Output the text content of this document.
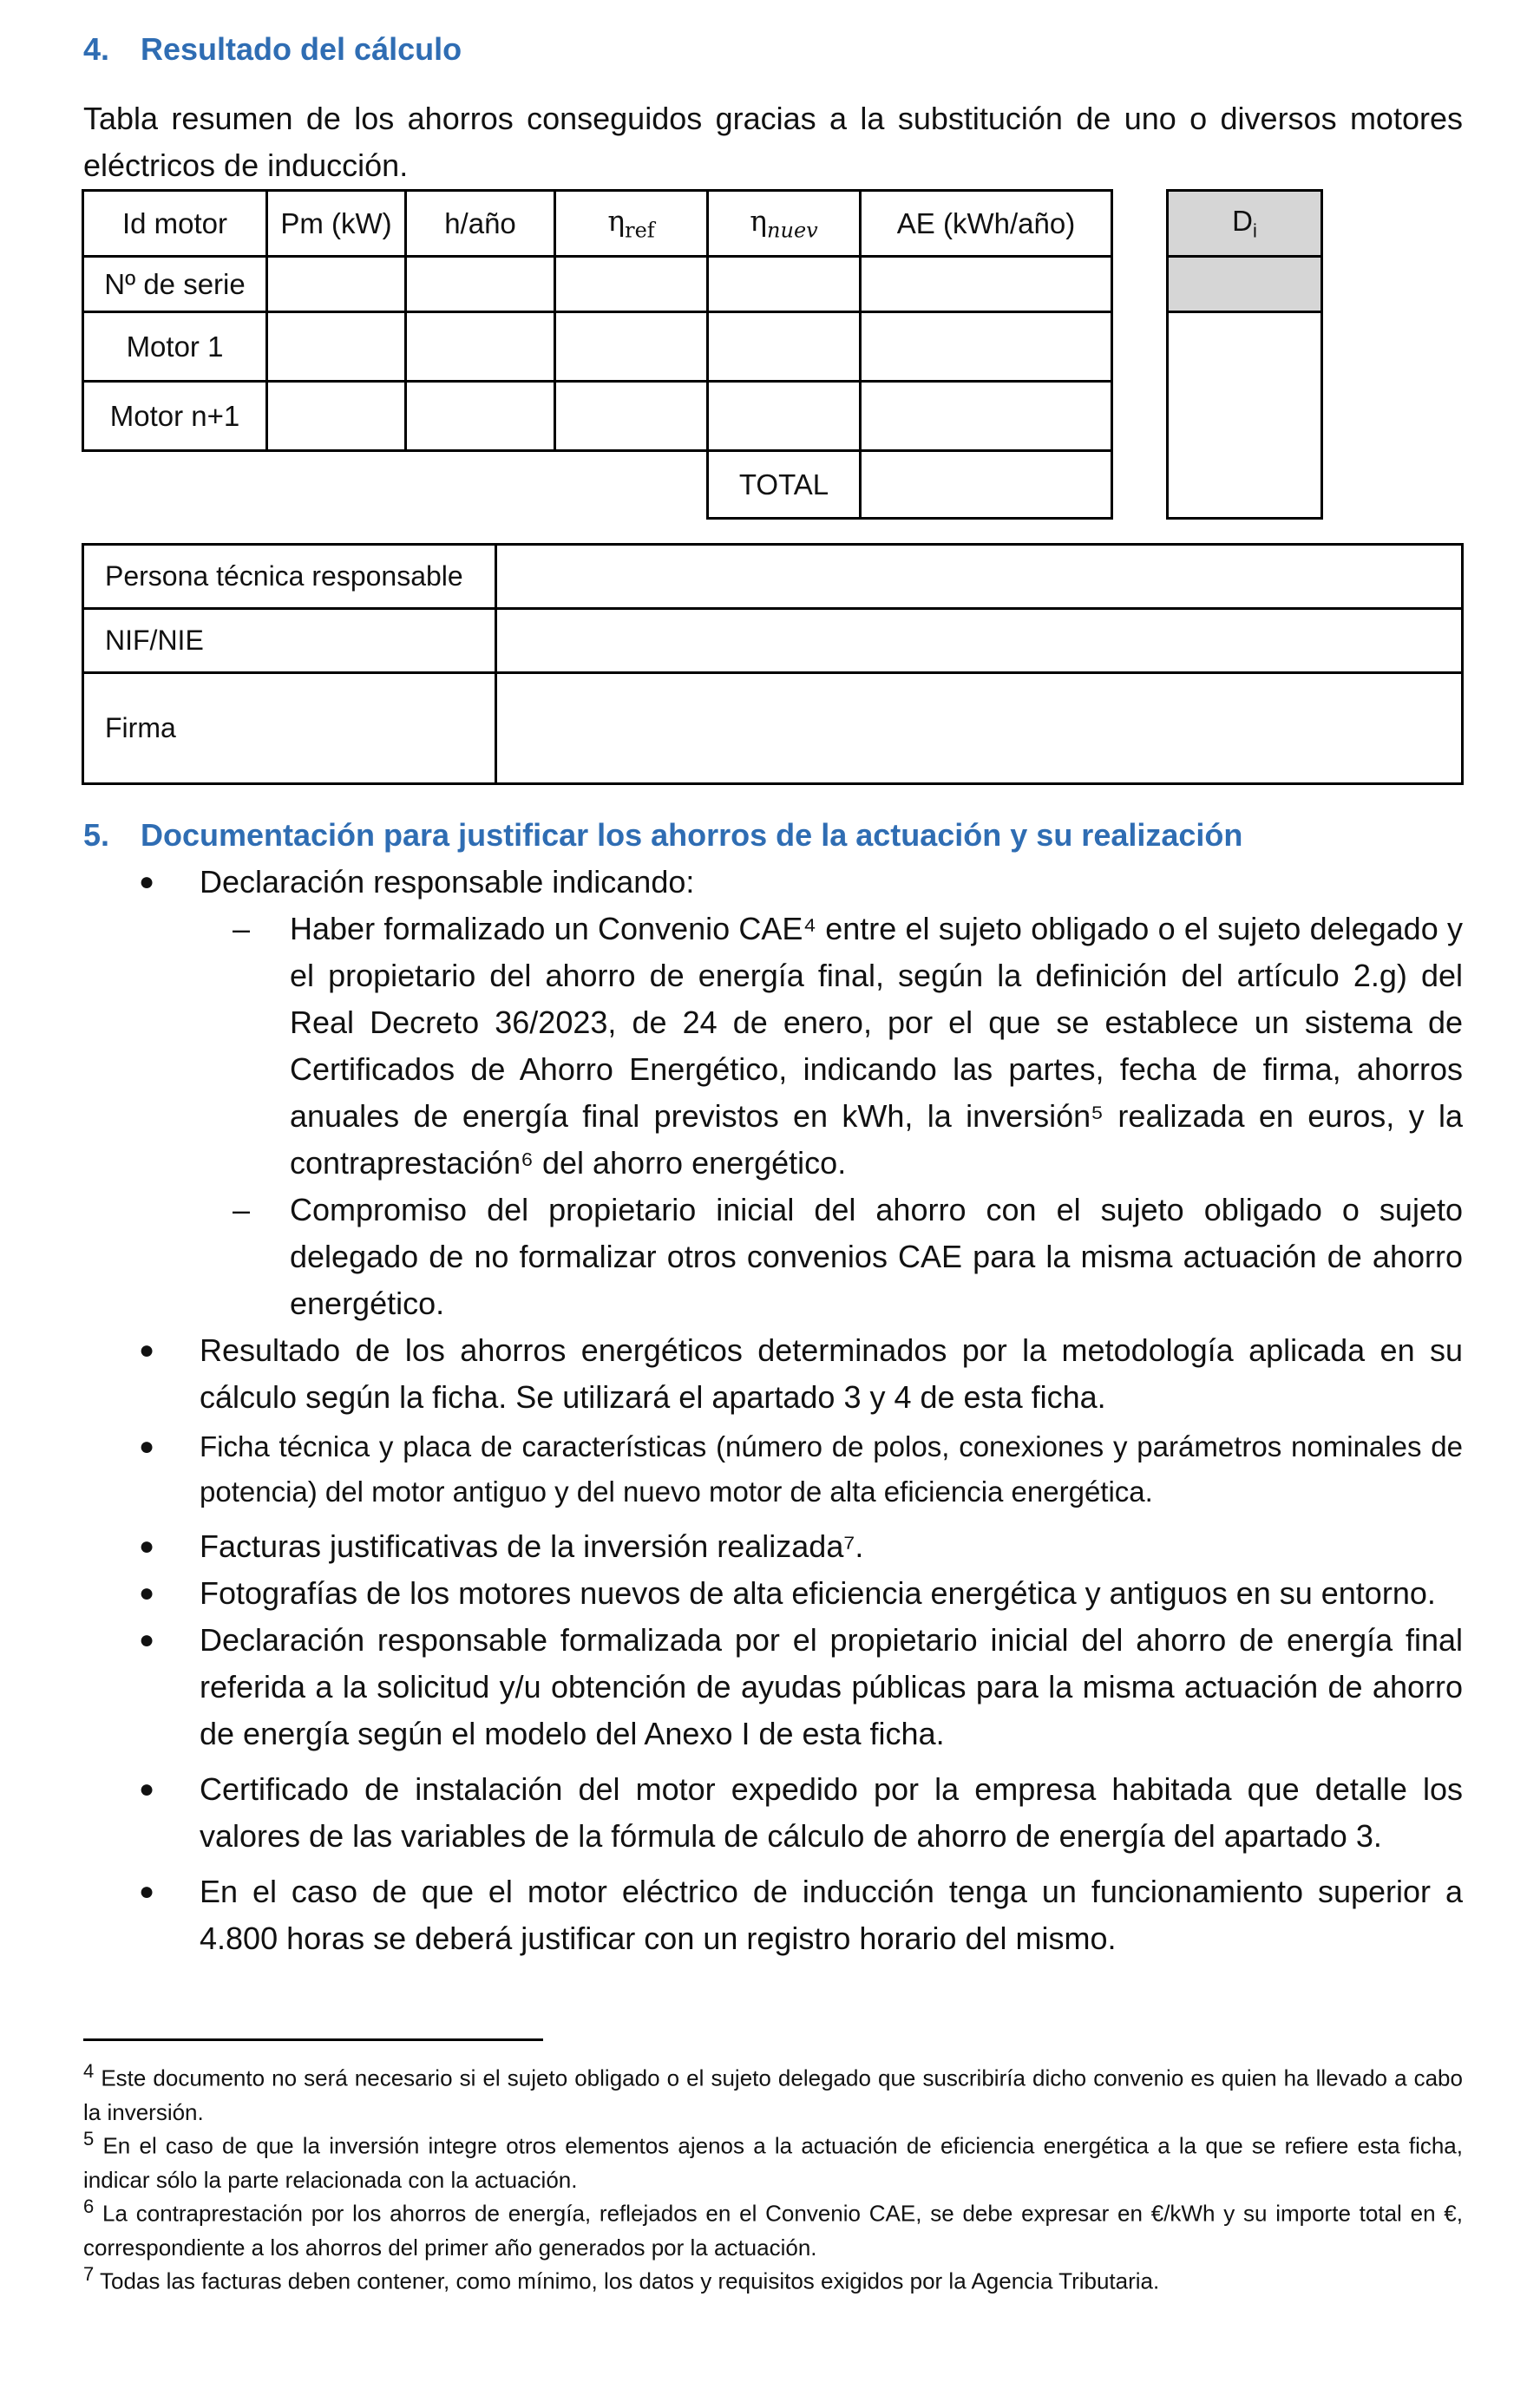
4. Resultado del cálculo

Tabla resumen de los ahorros conseguidos gracias a la substitución de uno o diversos motores eléctricos de inducción.

Id motor	Pm (kW)	h/año	$\eta_{ref}$	$\eta_{nuev}$	AE (kWh/año)
Nº de serie					
Motor 1					
Motor n+1					
				TOTAL	
$D_i$

Persona técnica responsable	
NIF/NIE	
Firma	
5. Documentación para justificar los ahorros de la actuación y su realización
● Declaración responsable indicando:
– Haber formalizado un Convenio CAE⁴ entre el sujeto obligado o el sujeto delegado y el propietario del ahorro de energía final, según la definición del artículo 2.g) del Real Decreto 36/2023, de 24 de enero, por el que se establece un sistema de Certificados de Ahorro Energético, indicando las partes, fecha de firma, ahorros anuales de energía final previstos en kWh, la inversión⁵ realizada en euros, y la contraprestación⁶ del ahorro energético.
– Compromiso del propietario inicial del ahorro con el sujeto obligado o sujeto delegado de no formalizar otros convenios CAE para la misma actuación de ahorro energético.
● Resultado de los ahorros energéticos determinados por la metodología aplicada en su cálculo según la ficha. Se utilizará el apartado 3 y 4 de esta ficha.
● Ficha técnica y placa de características (número de polos, conexiones y parámetros nominales de potencia) del motor antiguo y del nuevo motor de alta eficiencia energética.
● Facturas justificativas de la inversión realizada⁷.
● Fotografías de los motores nuevos de alta eficiencia energética y antiguos en su entorno.
● Declaración responsable formalizada por el propietario inicial del ahorro de energía final referida a la solicitud y/u obtención de ayudas públicas para la misma actuación de ahorro de energía según el modelo del Anexo I de esta ficha.
● Certificado de instalación del motor expedido por la empresa habitada que detalle los valores de las variables de la fórmula de cálculo de ahorro de energía del apartado 3.
● En el caso de que el motor eléctrico de inducción tenga un funcionamiento superior a 4.800 horas se deberá justificar con un registro horario del mismo.
$^4$ Este documento no será necesario si el sujeto obligado o el sujeto delegado que suscribiría dicho convenio es quien ha llevado a cabo la inversión.
$^5$ En el caso de que la inversión integre otros elementos ajenos a la actuación de eficiencia energética a la que se refiere esta ficha, indicar sólo la parte relacionada con la actuación.
$^6$ La contraprestación por los ahorros de energía, reflejados en el Convenio CAE, se debe expresar en €/kWh y su importe total en €, correspondiente a los ahorros del primer año generados por la actuación.
$^7$ Todas las facturas deben contener, como mínimo, los datos y requisitos exigidos por la Agencia Tributaria.
